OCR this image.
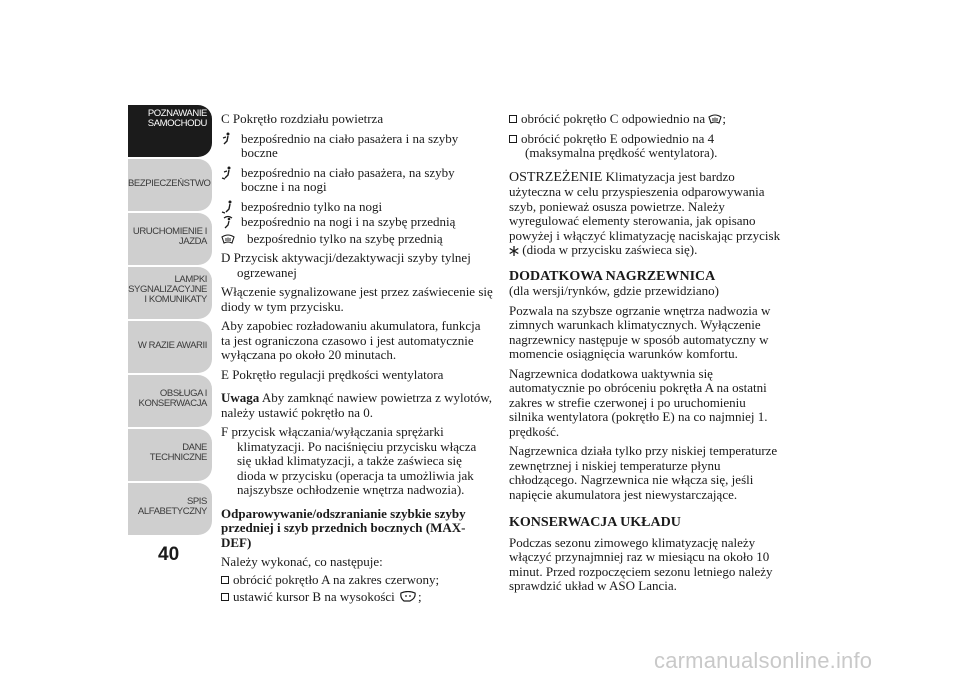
POZNAWANIE
SAMOCHODU
BEZPIECZEŃSTWO
URUCHOMIENIE I
JAZDA
LAMPKI
SYGNALIZACYJNE
I KOMUNIKATY
W RAZIE AWARII
OBSŁUGA I
KONSERWACJA
DANE
TECHNICZNE
SPIS
ALFABETYCZNY
40

C Pokrętło rozdziału powietrza

bezpośrednio na ciało pasażera i na szyby boczne
bezpośrednio na ciało pasażera, na szyby boczne i na nogi
bezpośrednio tylko na nogi
bezpośrednio na nogi i na szybę przednią
bezpośrednio tylko na szybę przednią

D Przycisk aktywacji/dezaktywacji szyby tylnej ogrzewanej

Włączenie sygnalizowane jest przez zaświecenie się diody w tym przycisku.

Aby zapobiec rozładowaniu akumulatora, funkcja ta jest ograniczona czasowo i jest automatycznie wyłączana po około 20 minutach.

E Pokrętło regulacji prędkości wentylatora

Uwaga Aby zamknąć nawiew powietrza z wylotów, należy ustawić pokrętło na 0.

F przycisk włączania/wyłączania sprężarki klimatyzacji. Po naciśnięciu przycisku włącza się układ klimatyzacji, a także zaświeca się dioda w przycisku (operacja ta umożliwia jak najszybsze ochłodzenie wnętrza nadwozia).

Odparowywanie/odszranianie szybkie szyby przedniej i szyb przednich bocznych (MAX-DEF)

Należy wykonać, co następuje:

obrócić pokrętło A na zakres czerwony;

ustawić kursor B na wysokości ;

obrócić pokrętło C odpowiednio na ;

obrócić pokrętło E odpowiednio na 4 (maksymalna prędkość wentylatora).

OSTRZEŻENIE Klimatyzacja jest bardzo użyteczna w celu przyspieszenia odparowywania szyb, ponieważ osusza powietrze. Należy wyregulować elementy sterowania, jak opisano powyżej i włączyć klimatyzację naciskając przycisk  (dioda w przycisku zaświeca się).

DODATKOWA NAGRZEWNICA

(dla wersji/rynków, gdzie przewidziano)

Pozwala na szybsze ogrzanie wnętrza nadwozia w zimnych warunkach klimatycznych. Wyłączenie nagrzewnicy następuje w sposób automatyczny w momencie osiągnięcia warunków komfortu.

Nagrzewnica dodatkowa uaktywnia się automatycznie po obróceniu pokrętła A na ostatni zakres w strefie czerwonej i po uruchomieniu silnika wentylatora (pokrętło E) na co najmniej 1. prędkość.

Nagrzewnica działa tylko przy niskiej temperaturze zewnętrznej i niskiej temperaturze płynu chłodzącego. Nagrzewnica nie włącza się, jeśli napięcie akumulatora jest niewystarczające.

KONSERWACJA UKŁADU

Podczas sezonu zimowego klimatyzację należy włączyć przynajmniej raz w miesiącu na około 10 minut. Przed rozpoczęciem sezonu letniego należy sprawdzić układ w ASO Lancia.

carmanualsonline.info
